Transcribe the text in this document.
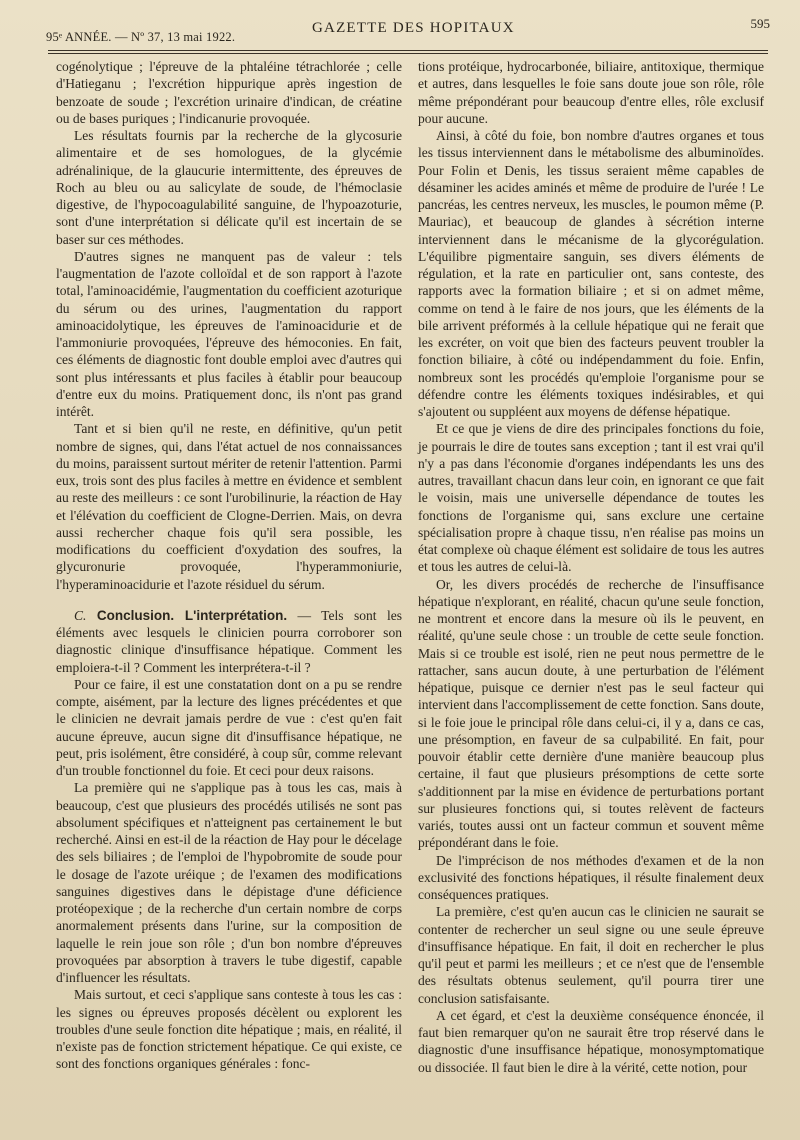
95ᵉ ANNÉE. — Nº 37, 13 mai 1922.
GAZETTE DES HOPITAUX	595

cogénolytique ; l'épreuve de la phtaléine tétrachlorée ; celle d'Hatieganu ; l'excrétion hippurique après ingestion de benzoate de soude ; l'excrétion urinaire d'indican, de créatine ou de bases puriques ; l'indicanurie provoquée.

Les résultats fournis par la recherche de la glycosurie alimentaire et de ses homologues, de la glycémie adrénalinique, de la glaucurie intermittente, des épreuves de Roch au bleu ou au salicylate de soude, de l'hémoclasie digestive, de l'hypocoagulabilité sanguine, de l'hypoazoturie, sont d'une interprétation si délicate qu'il est incertain de se baser sur ces méthodes.

D'autres signes ne manquent pas de valeur : tels l'augmentation de l'azote colloïdal et de son rapport à l'azote total, l'aminoacidémie, l'augmentation du coefficient azoturique du sérum ou des urines, l'augmentation du rapport aminoacidolytique, les épreuves de l'aminoacidurie et de l'ammoniurie provoquées, l'épreuve des hémoconies. En fait, ces éléments de diagnostic font double emploi avec d'autres qui sont plus intéressants et plus faciles à établir pour beaucoup d'entre eux du moins. Pratiquement donc, ils n'ont pas grand intérêt.

Tant et si bien qu'il ne reste, en définitive, qu'un petit nombre de signes, qui, dans l'état actuel de nos connaissances du moins, paraissent surtout mériter de retenir l'attention. Parmi eux, trois sont des plus faciles à mettre en évidence et semblent au reste des meilleurs : ce sont l'urobilinurie, la réaction de Hay et l'élévation du coefficient de Clogne-Derrien. Mais, on devra aussi rechercher chaque fois qu'il sera possible, les modifications du coefficient d'oxydation des soufres, la glycuronurie provoquée, l'hyperammoniurie, l'hyperaminoacidurie et l'azote résiduel du sérum.

C. Conclusion. L'interprétation. — Tels sont les éléments avec lesquels le clinicien pourra corroborer son diagnostic clinique d'insuffisance hépatique. Comment les emploiera-t-il ? Comment les interprétera-t-il ?

Pour ce faire, il est une constatation dont on a pu se rendre compte, aisément, par la lecture des lignes précédentes et que le clinicien ne devrait jamais perdre de vue : c'est qu'en fait aucune épreuve, aucun signe dit d'insuffisance hépatique, ne peut, pris isolément, être considéré, à coup sûr, comme relevant d'un trouble fonctionnel du foie. Et ceci pour deux raisons.

La première qui ne s'applique pas à tous les cas, mais à beaucoup, c'est que plusieurs des procédés utilisés ne sont pas absolument spécifiques et n'atteignent pas certainement le but recherché. Ainsi en est-il de la réaction de Hay pour le décelage des sels biliaires ; de l'emploi de l'hypobromite de soude pour le dosage de l'azote uréique ; de l'examen des modifications sanguines digestives dans le dépistage d'une déficience protéopexique ; de la recherche d'un certain nombre de corps anormalement présents dans l'urine, sur la composition de laquelle le rein joue son rôle ; d'un bon nombre d'épreuves provoquées par absorption à travers le tube digestif, capable d'influencer les résultats.

Mais surtout, et ceci s'applique sans conteste à tous les cas : les signes ou épreuves proposés décèlent ou explorent les troubles d'une seule fonction dite hépatique ; mais, en réalité, il n'existe pas de fonction strictement hépatique. Ce qui existe, ce sont des fonctions organiques générales : fonc-

tions protéique, hydrocarbonée, biliaire, antitoxique, thermique et autres, dans lesquelles le foie sans doute joue son rôle, rôle même prépondérant pour beaucoup d'entre elles, rôle exclusif pour aucune.

Ainsi, à côté du foie, bon nombre d'autres organes et tous les tissus interviennent dans le métabolisme des albuminoïdes. Pour Folin et Denis, les tissus seraient même capables de désaminer les acides aminés et même de produire de l'urée ! Le pancréas, les centres nerveux, les muscles, le poumon même (P. Mauriac), et beaucoup de glandes à sécrétion interne interviennent dans le mécanisme de la glycorégulation. L'équilibre pigmentaire sanguin, ses divers éléments de régulation, et la rate en particulier ont, sans conteste, des rapports avec la formation biliaire ; et si on admet même, comme on tend à le faire de nos jours, que les éléments de la bile arrivent préformés à la cellule hépatique qui ne ferait que les excréter, on voit que bien des facteurs peuvent troubler la fonction biliaire, à côté ou indépendamment du foie. Enfin, nombreux sont les procédés qu'emploie l'organisme pour se défendre contre les éléments toxiques indésirables, et qui s'ajoutent ou suppléent aux moyens de défense hépatique.

Et ce que je viens de dire des principales fonctions du foie, je pourrais le dire de toutes sans exception ; tant il est vrai qu'il n'y a pas dans l'économie d'organes indépendants les uns des autres, travaillant chacun dans leur coin, en ignorant ce que fait le voisin, mais une universelle dépendance de toutes les fonctions de l'organisme qui, sans exclure une certaine spécialisation propre à chaque tissu, n'en réalise pas moins un état complexe où chaque élément est solidaire de tous les autres et tous les autres de celui-là.

Or, les divers procédés de recherche de l'insuffisance hépatique n'explorant, en réalité, chacun qu'une seule fonction, ne montrent et encore dans la mesure où ils le peuvent, en réalité, qu'une seule chose : un trouble de cette seule fonction. Mais si ce trouble est isolé, rien ne peut nous permettre de le rattacher, sans aucun doute, à une perturbation de l'élément hépatique, puisque ce dernier n'est pas le seul facteur qui intervient dans l'accomplissement de cette fonction. Sans doute, si le foie joue le principal rôle dans celui-ci, il y a, dans ce cas, une présomption, en faveur de sa culpabilité. En fait, pour pouvoir établir cette dernière d'une manière beaucoup plus certaine, il faut que plusieurs présomptions de cette sorte s'additionnent par la mise en évidence de perturbations portant sur plusieures fonctions qui, si toutes relèvent de facteurs variés, toutes aussi ont un facteur commun et souvent même prépondérant dans le foie.

De l'imprécison de nos méthodes d'examen et de la non exclusivité des fonctions hépatiques, il résulte finalement deux conséquences pratiques.

La première, c'est qu'en aucun cas le clinicien ne saurait se contenter de rechercher un seul signe ou une seule épreuve d'insuffisance hépatique. En fait, il doit en rechercher le plus qu'il peut et parmi les meilleurs ; et ce n'est que de l'ensemble des résultats obtenus seulement, qu'il pourra tirer une conclusion satisfaisante.

A cet égard, et c'est la deuxième conséquence énoncée, il faut bien remarquer qu'on ne saurait être trop réservé dans le diagnostic d'une insuffisance hépatique, monosymptomatique ou dissociée. Il faut bien le dire à la vérité, cette notion, pour
